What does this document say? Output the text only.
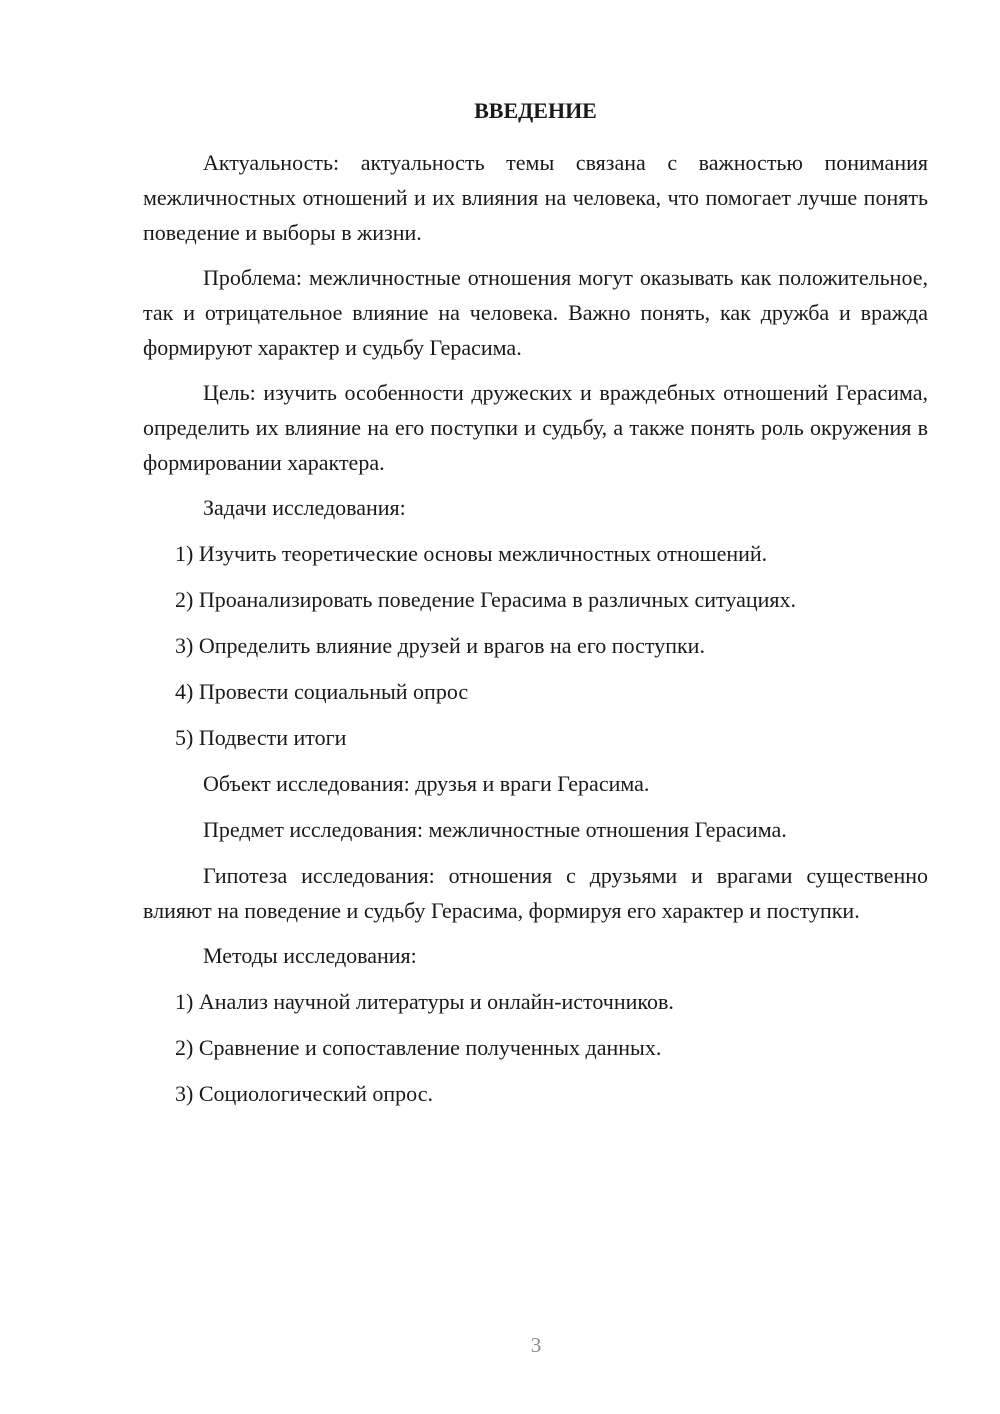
ВВЕДЕНИЕ

Актуальность: актуальность темы связана с важностью понимания межличностных отношений и их влияния на человека, что помогает лучше понять поведение и выборы в жизни.

Проблема: межличностные отношения могут оказывать как положительное, так и отрицательное влияние на человека. Важно понять, как дружба и вражда формируют характер и судьбу Герасима.

Цель: изучить особенности дружеских и враждебных отношений Герасима, определить их влияние на его поступки и судьбу, а также понять роль окружения в формировании характера.

Задачи исследования:

1) Изучить теоретические основы межличностных отношений.

2) Проанализировать поведение Герасима в различных ситуациях.

3) Определить влияние друзей и врагов на его поступки.

4) Провести социальный опрос

5) Подвести итоги

Объект исследования: друзья и враги Герасима.

Предмет исследования: межличностные отношения Герасима.

Гипотеза исследования: отношения с друзьями и врагами существенно влияют на поведение и судьбу Герасима, формируя его характер и поступки.

Методы исследования:

1) Анализ научной литературы и онлайн-источников.

2) Сравнение и сопоставление полученных данных.

3) Социологический опрос.

3
